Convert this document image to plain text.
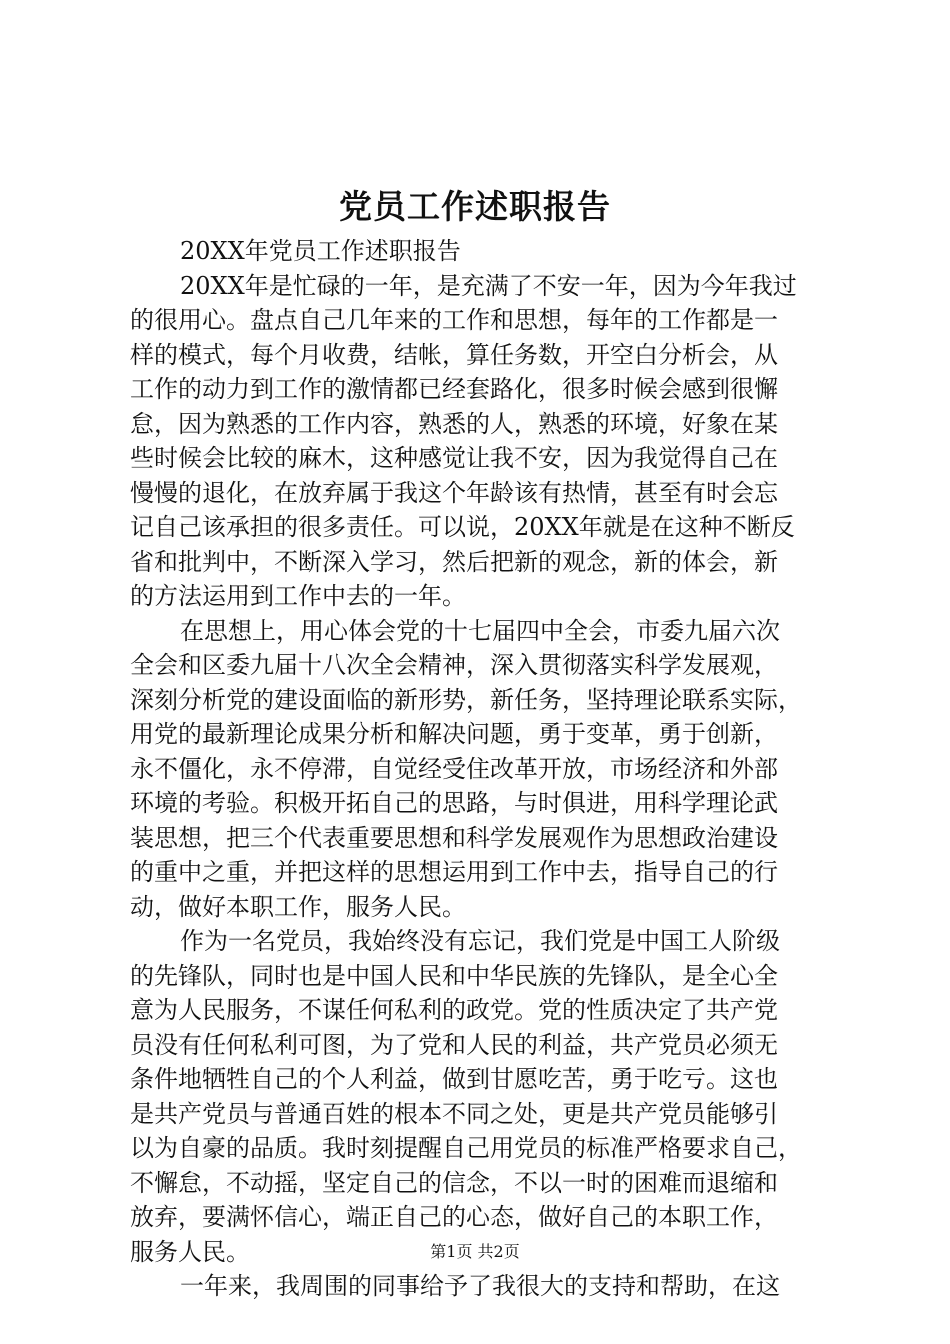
党员工作述职报告
20XX年党员工作述职报告
20XX年是忙碌的一年，是充满了不安一年，因为今年我过
的很用心。盘点自己几年来的工作和思想，每年的工作都是一
样的模式，每个月收费，结帐，算任务数，开空白分析会，从
工作的动力到工作的激情都已经套路化，很多时候会感到很懈
怠，因为熟悉的工作内容，熟悉的人，熟悉的环境，好象在某
些时候会比较的麻木，这种感觉让我不安，因为我觉得自己在
慢慢的退化，在放弃属于我这个年龄该有热情，甚至有时会忘
记自己该承担的很多责任。可以说，20XX年就是在这种不断反
省和批判中，不断深入学习，然后把新的观念，新的体会，新
的方法运用到工作中去的一年。
在思想上，用心体会党的十七届四中全会，市委九届六次
全会和区委九届十八次全会精神，深入贯彻落实科学发展观，
深刻分析党的建设面临的新形势，新任务，坚持理论联系实际，
用党的最新理论成果分析和解决问题，勇于变革，勇于创新，
永不僵化，永不停滞，自觉经受住改革开放，市场经济和外部
环境的考验。积极开拓自己的思路，与时俱进，用科学理论武
装思想，把三个代表重要思想和科学发展观作为思想政治建设
的重中之重，并把这样的思想运用到工作中去，指导自己的行
动，做好本职工作，服务人民。
作为一名党员，我始终没有忘记，我们党是中国工人阶级
的先锋队，同时也是中国人民和中华民族的先锋队，是全心全
意为人民服务，不谋任何私利的政党。党的性质决定了共产党
员没有任何私利可图，为了党和人民的利益，共产党员必须无
条件地牺牲自己的个人利益，做到甘愿吃苦，勇于吃亏。这也
是共产党员与普通百姓的根本不同之处，更是共产党员能够引
以为自豪的品质。我时刻提醒自己用党员的标准严格要求自己，
不懈怠，不动摇，坚定自己的信念，不以一时的困难而退缩和
放弃，要满怀信心，端正自己的心态，做好自己的本职工作，
服务人民。
一年来，我周围的同事给予了我很大的支持和帮助，在这
第1页 共2页
